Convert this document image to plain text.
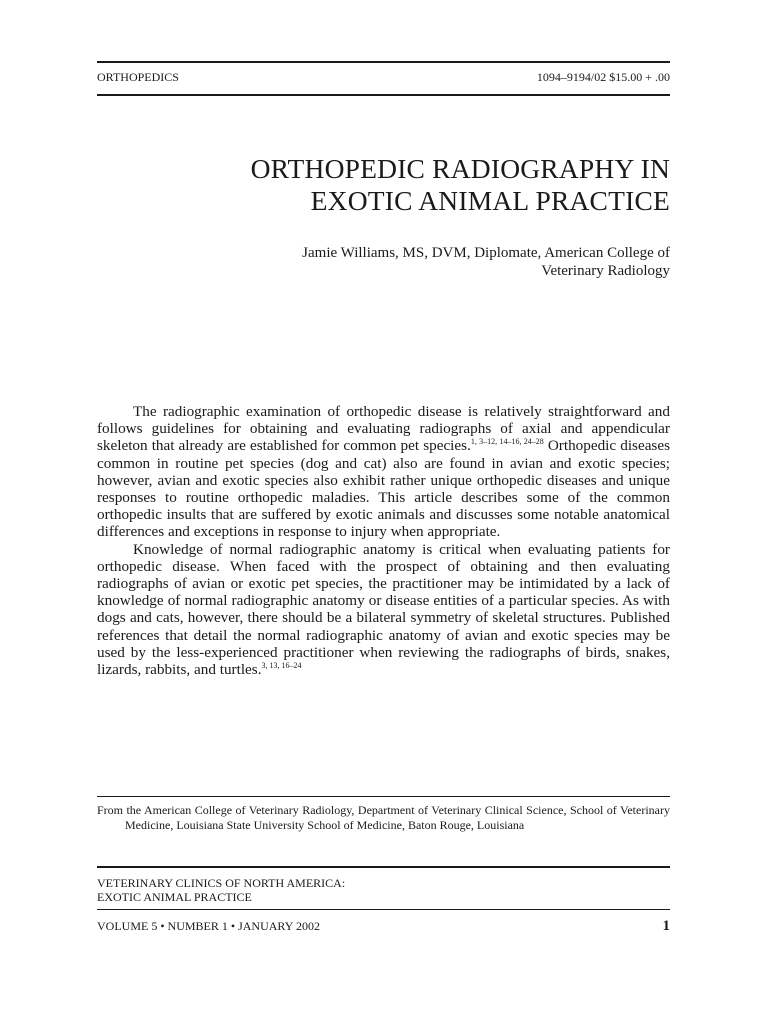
ORTHOPEDICS	1094–9194/02 $15.00 + .00
ORTHOPEDIC RADIOGRAPHY IN
EXOTIC ANIMAL PRACTICE
Jamie Williams, MS, DVM, Diplomate, American College of
Veterinary Radiology

The radiographic examination of orthopedic disease is relatively straightforward and follows guidelines for obtaining and evaluating radiographs of axial and appendicular skeleton that already are established for common pet species.$^{1, 3-12, 14-16, 24-28}$ Orthopedic diseases common in routine pet species (dog and cat) also are found in avian and exotic species; however, avian and exotic species also exhibit rather unique orthopedic diseases and unique responses to routine orthopedic maladies. This article describes some of the common orthopedic insults that are suffered by exotic animals and discusses some notable anatomical differences and exceptions in response to injury when appropriate.

Knowledge of normal radiographic anatomy is critical when evaluating patients for orthopedic disease. When faced with the prospect of obtaining and then evaluating radiographs of avian or exotic pet species, the practitioner may be intimidated by a lack of knowledge of normal radiographic anatomy or disease entities of a particular species. As with dogs and cats, however, there should be a bilateral symmetry of skeletal structures. Published references that detail the normal radiographic anatomy of avian and exotic species may be used by the less-experienced practitioner when reviewing the radiographs of birds, snakes, lizards, rabbits, and turtles.$^{3, 13, 16-24}$

From the American College of Veterinary Radiology, Department of Veterinary Clinical Science, School of Veterinary Medicine, Louisiana State University School of Medicine, Baton Rouge, Louisiana
VETERINARY CLINICS OF NORTH AMERICA:
EXOTIC ANIMAL PRACTICE
VOLUME 5 • NUMBER 1 • JANUARY 2002	1
